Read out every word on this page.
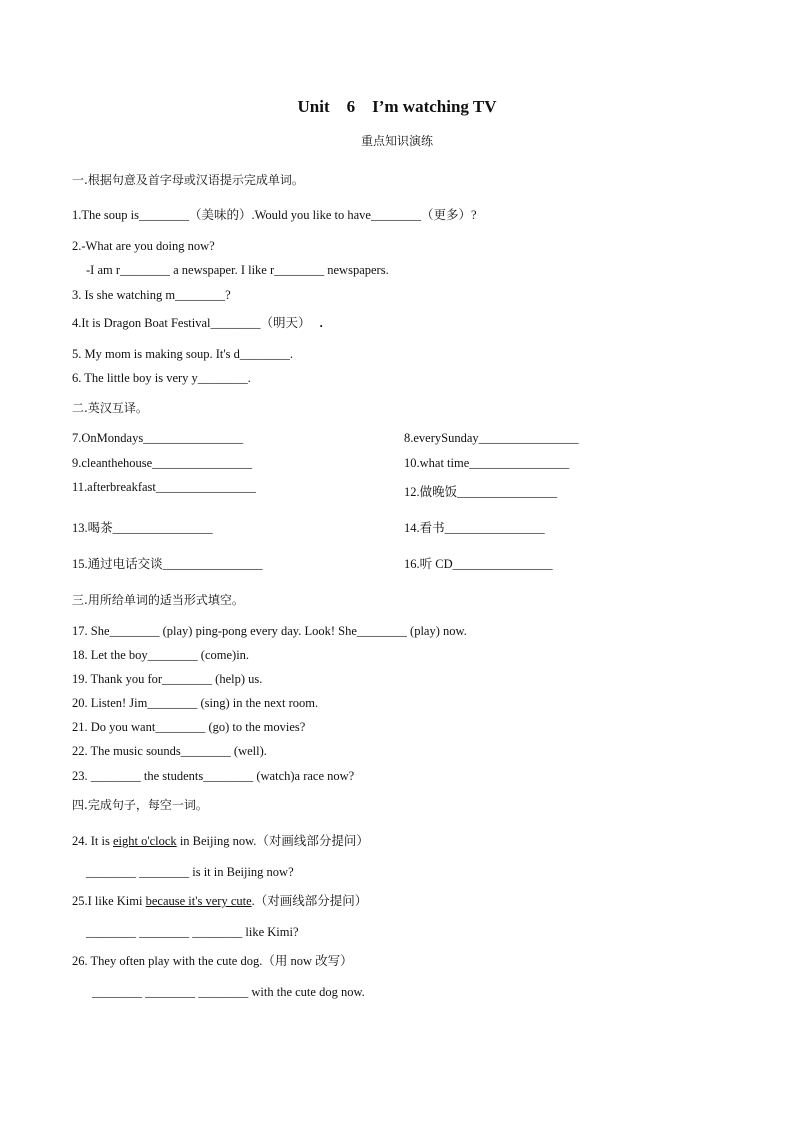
Unit    6    I’m watching TV
重点知识演练
一.根据句意及首字母或汉语提示完成单词。
1.The soup is________（美味的）.Would you like to have________（更多）?
2.-What are you doing now?
-I am r________ a newspaper. I like r________ newspapers.
3. Is she watching m________?
4.It is Dragon Boat Festival________（明天） .
5. My mom is making soup. It's d________.
6. The little boy is very y________.
二.英汉互译。
7.OnMondays________________	8.everySunday________________
9.cleanthehouse________________	10.what time________________
11.afterbreakfast________________	12.做晚饭________________
13.喝茶________________	14.看书________________
15.通过电话交谈________________	16.听 CD________________
三.用所给单词的适当形式填空。
17. She________ (play) ping-pong every day. Look! She________ (play) now.
18. Let the boy________ (come)in.
19. Thank you for________ (help) us.
20. Listen! Jim________ (sing) in the next room.
21. Do you want________ (go) to the movies?
22. The music sounds________ (well).
23. ________ the students________ (watch)a race now?
四.完成句子，每空一词。
24. It is eight o'clock in Beijing now.（对画线部分提问）
________ ________ is it in Beijing now?
25.I like Kimi because it's very cute.（对画线部分提问）
________ ________ ________ like Kimi?
26. They often play with the cute dog.（用 now 改写）
________ ________ ________ with the cute dog now.
